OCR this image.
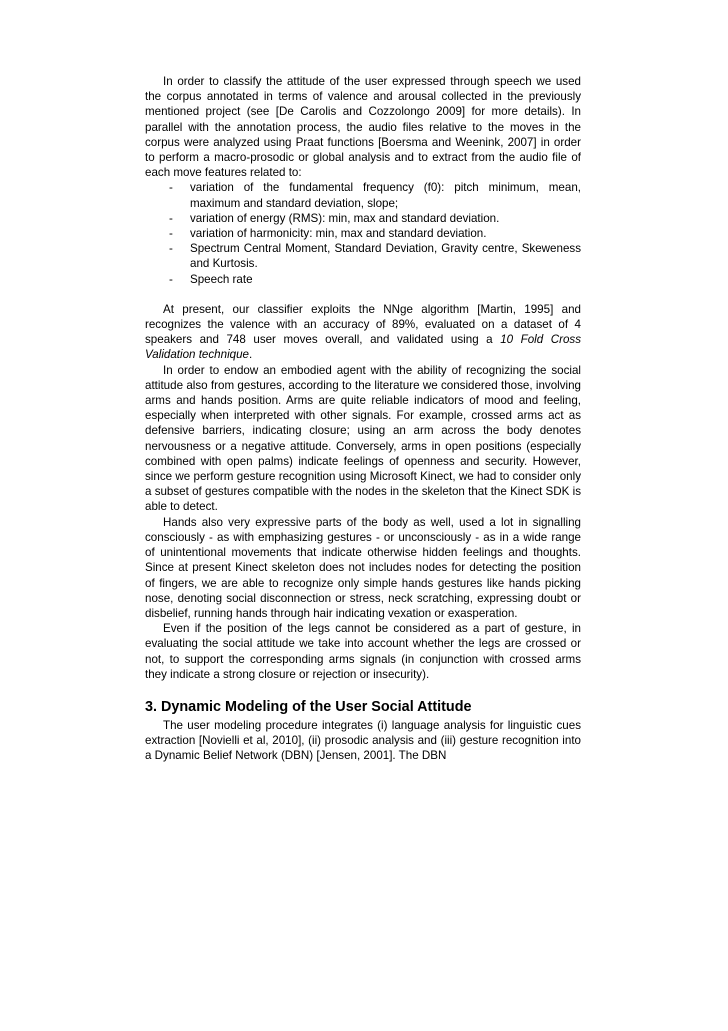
In order to classify the attitude of the user expressed through speech we used the corpus annotated in terms of valence and arousal collected in the previously mentioned project (see [De Carolis and Cozzolongo 2009] for more details). In parallel with the annotation process, the audio files relative to the moves in the corpus were analyzed using Praat functions [Boersma and Weenink, 2007] in order to perform a macro-prosodic or global analysis and to extract from the audio file of each move features related to:

- variation of the fundamental frequency (f0): pitch minimum, mean, maximum and standard deviation, slope;
- variation of energy (RMS): min, max and standard deviation.
- variation of harmonicity: min, max and standard deviation.
- Spectrum Central Moment, Standard Deviation, Gravity centre, Skeweness and Kurtosis.
- Speech rate

At present, our classifier exploits the NNge algorithm [Martin, 1995] and recognizes the valence with an accuracy of 89%, evaluated on a dataset of 4 speakers and 748 user moves overall, and validated using a 10 Fold Cross Validation technique.

In order to endow an embodied agent with the ability of recognizing the social attitude also from gestures, according to the literature we considered those, involving arms and hands position. Arms are quite reliable indicators of mood and feeling, especially when interpreted with other signals. For example, crossed arms act as defensive barriers, indicating closure; using an arm across the body denotes nervousness or a negative attitude. Conversely, arms in open positions (especially combined with open palms) indicate feelings of openness and security. However, since we perform gesture recognition using Microsoft Kinect, we had to consider only a subset of gestures compatible with the nodes in the skeleton that the Kinect SDK is able to detect.

Hands also very expressive parts of the body as well, used a lot in signalling consciously - as with emphasizing gestures - or unconsciously - as in a wide range of unintentional movements that indicate otherwise hidden feelings and thoughts. Since at present Kinect skeleton does not includes nodes for detecting the position of fingers, we are able to recognize only simple hands gestures like hands picking nose, denoting social disconnection or stress, neck scratching, expressing doubt or disbelief, running hands through hair indicating vexation or exasperation.

Even if the position of the legs cannot be considered as a part of gesture, in evaluating the social attitude we take into account whether the legs are crossed or not, to support the corresponding arms signals (in conjunction with crossed arms they indicate a strong closure or rejection or insecurity).

3. Dynamic Modeling of the User Social Attitude

The user modeling procedure integrates (i) language analysis for linguistic cues extraction [Novielli et al, 2010], (ii) prosodic analysis and (iii) gesture recognition into a Dynamic Belief Network (DBN) [Jensen, 2001]. The DBN
